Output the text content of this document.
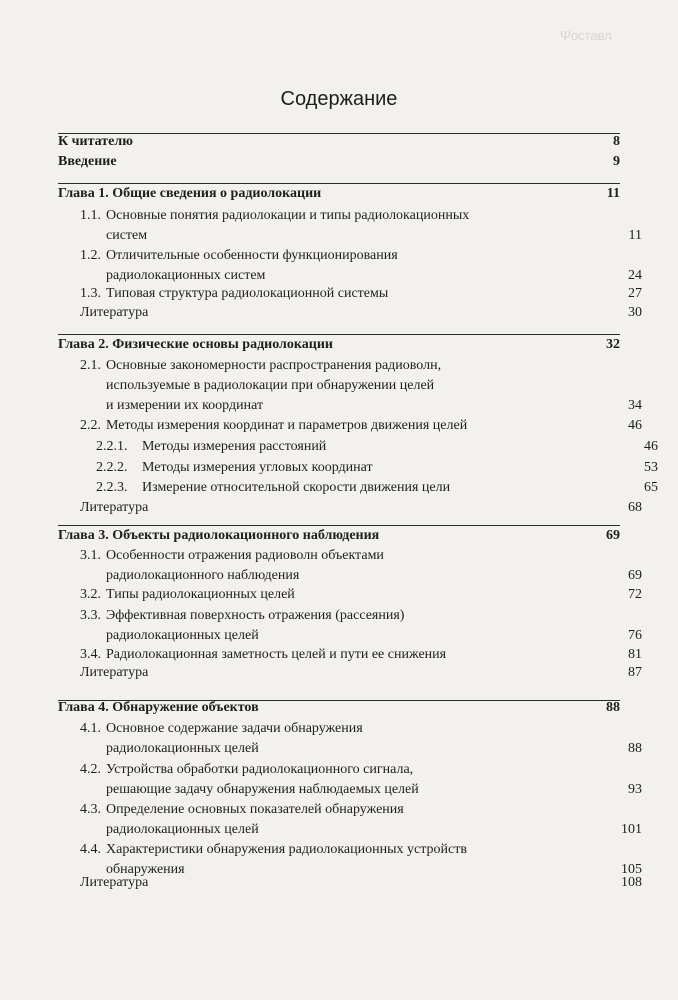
Ψоставл
Содержание
К читателю	8
Введение	9
Глава 1. Общие сведения о радиолокации	11
1.1. Основные понятия радиолокации и типы радиолокационных
систем	11
1.2. Отличительные особенности функционирования
радиолокационных систем	24
1.3. Типовая структура радиолокационной системы	27
Литература	30
Глава 2. Физические основы радиолокации	32
2.1. Основные закономерности распространения радиоволн,
используемые в радиолокации при обнаружении целей
и измерении их координат	34
2.2. Методы измерения координат и параметров движения целей	46
2.2.1. Методы измерения расстояний	46
2.2.2. Методы измерения угловых координат	53
2.2.3. Измерение относительной скорости движения цели	65
Литература	68
Глава 3. Объекты радиолокационного наблюдения	69
3.1. Особенности отражения радиоволн объектами
радиолокационного наблюдения	69
3.2. Типы радиолокационных целей	72
3.3. Эффективная поверхность отражения (рассеяния)
радиолокационных целей	76
3.4. Радиолокационная заметность целей и пути ее снижения	81
Литература	87
Глава 4. Обнаружение объектов	88
4.1. Основное содержание задачи обнаружения
радиолокационных целей	88
4.2. Устройства обработки радиолокационного сигнала,
решающие задачу обнаружения наблюдаемых целей	93
4.3. Определение основных показателей обнаружения
радиолокационных целей	101
4.4. Характеристики обнаружения радиолокационных устройств
обнаружения	105
Литература	108
